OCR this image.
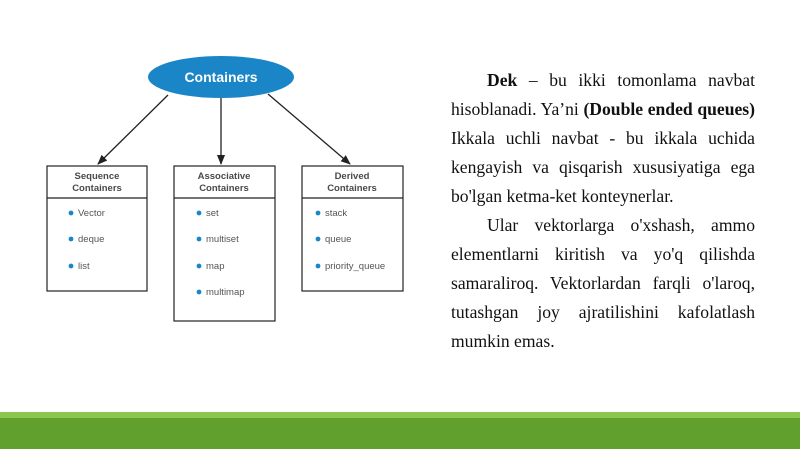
Containers
Sequence
Containers
Vector
deque
list
Associative
Containers
set
multiset
map
multimap
Derived
Containers
stack
queue
priority_queue

Dek – bu ikki tomonlama navbat hisoblanadi. Ya’ni (Double ended queues) Ikkala uchli navbat - bu ikkala uchida kengayish va qisqarish xususiyatiga ega bo'lgan ketma-ket konteynerlar.

Ular vektorlarga o'xshash, ammo elementlarni kiritish va yo'q qilishda samaraliroq. Vektorlardan farqli o'laroq, tutashgan joy ajratilishini kafolatlash mumkin emas.
